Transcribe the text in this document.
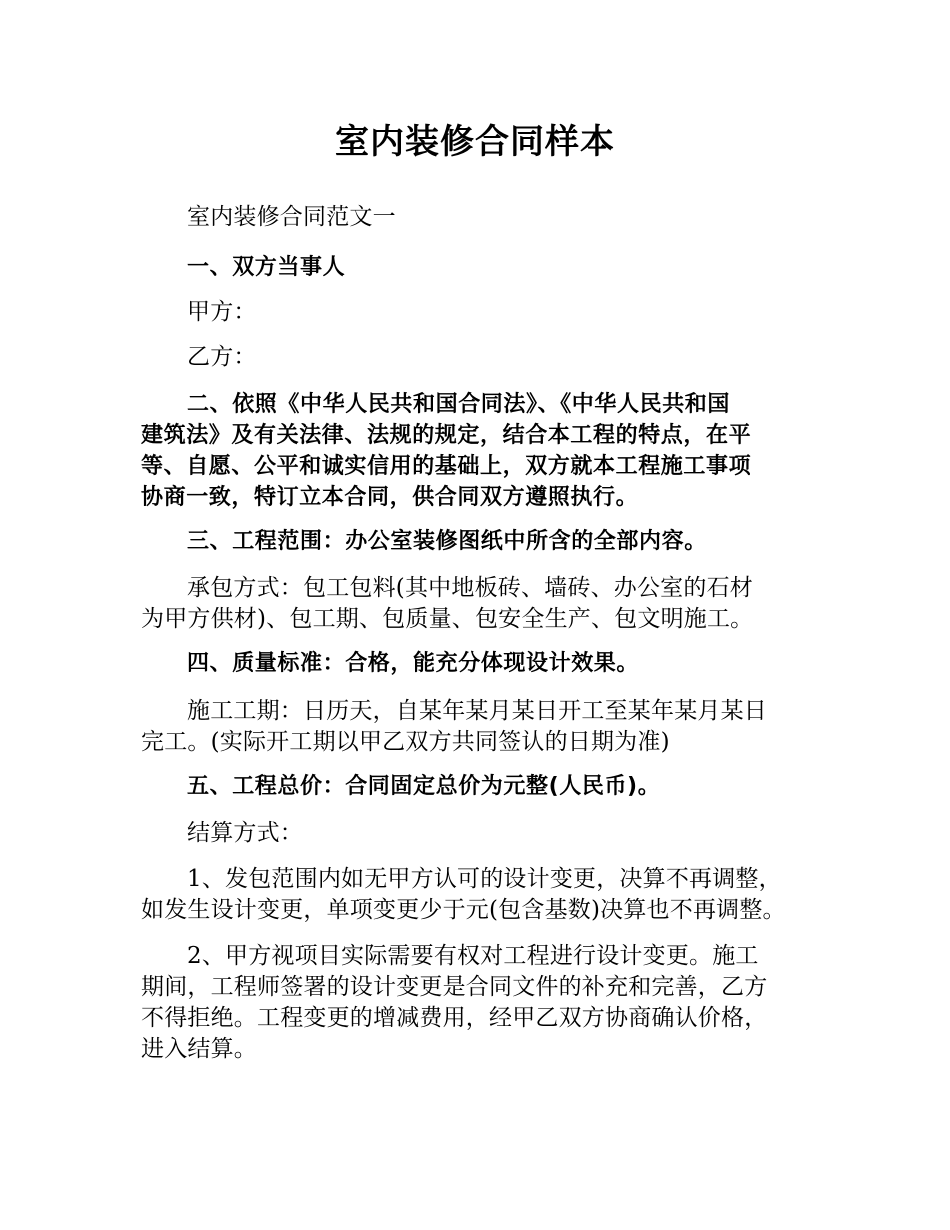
室内装修合同样本

室内装修合同范文一

一、双方当事人

甲方：

乙方：

二、依照《中华人民共和国合同法》、《中华人民共和国
建筑法》及有关法律、法规的规定，结合本工程的特点，在平
等、自愿、公平和诚实信用的基础上，双方就本工程施工事项
协商一致，特订立本合同，供合同双方遵照执行。

三、工程范围：办公室装修图纸中所含的全部内容。

承包方式：包工包料(其中地板砖、墙砖、办公室的石材
为甲方供材)、包工期、包质量、包安全生产、包文明施工。

四、质量标准：合格，能充分体现设计效果。

施工工期：日历天，自某年某月某日开工至某年某月某日
完工。(实际开工期以甲乙双方共同签认的日期为准)

五、工程总价：合同固定总价为元整(人民币)。

结算方式：

1、发包范围内如无甲方认可的设计变更，决算不再调整，
如发生设计变更，单项变更少于元(包含基数)决算也不再调整。

2、甲方视项目实际需要有权对工程进行设计变更。施工
期间，工程师签署的设计变更是合同文件的补充和完善，乙方
不得拒绝。工程变更的增减费用，经甲乙双方协商确认价格，
进入结算。
